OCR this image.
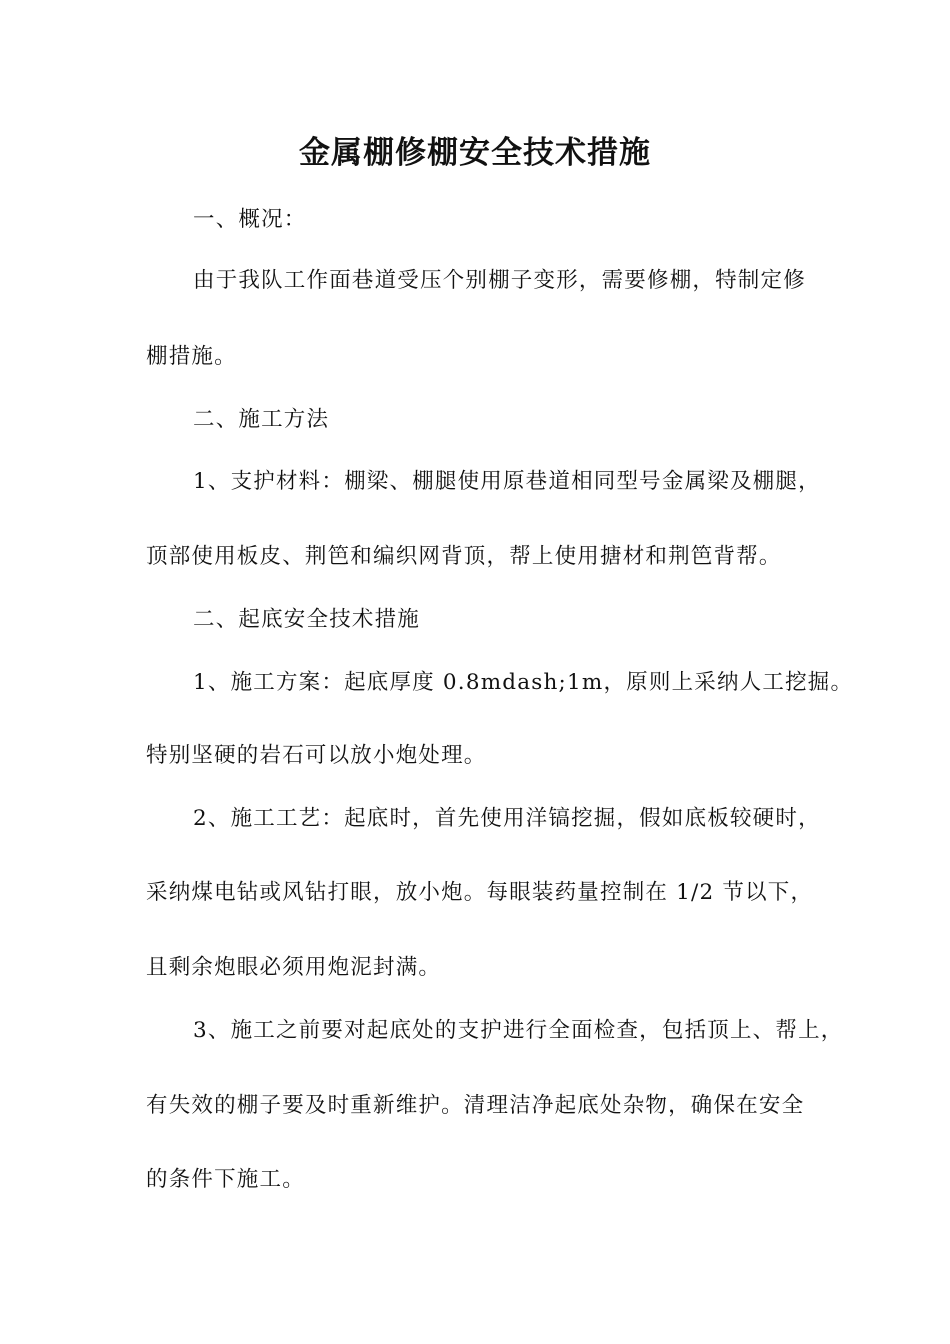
金属棚修棚安全技术措施
一、概况：
由于我队工作面巷道受压个别棚子变形，需要修棚，特制定修
棚措施。
二、施工方法
1、支护材料：棚梁、棚腿使用原巷道相同型号金属梁及棚腿，
顶部使用板皮、荆笆和编织网背顶，帮上使用搪材和荆笆背帮。
二、起底安全技术措施
1、施工方案：起底厚度 0.8mdash;1m，原则上采纳人工挖掘。
特别坚硬的岩石可以放小炮处理。
2、施工工艺：起底时，首先使用洋镐挖掘，假如底板较硬时，
采纳煤电钻或风钻打眼，放小炮。每眼装药量控制在 1/2 节以下，
且剩余炮眼必须用炮泥封满。
3、施工之前要对起底处的支护进行全面检查，包括顶上、帮上，
有失效的棚子要及时重新维护。清理洁净起底处杂物，确保在安全
的条件下施工。
